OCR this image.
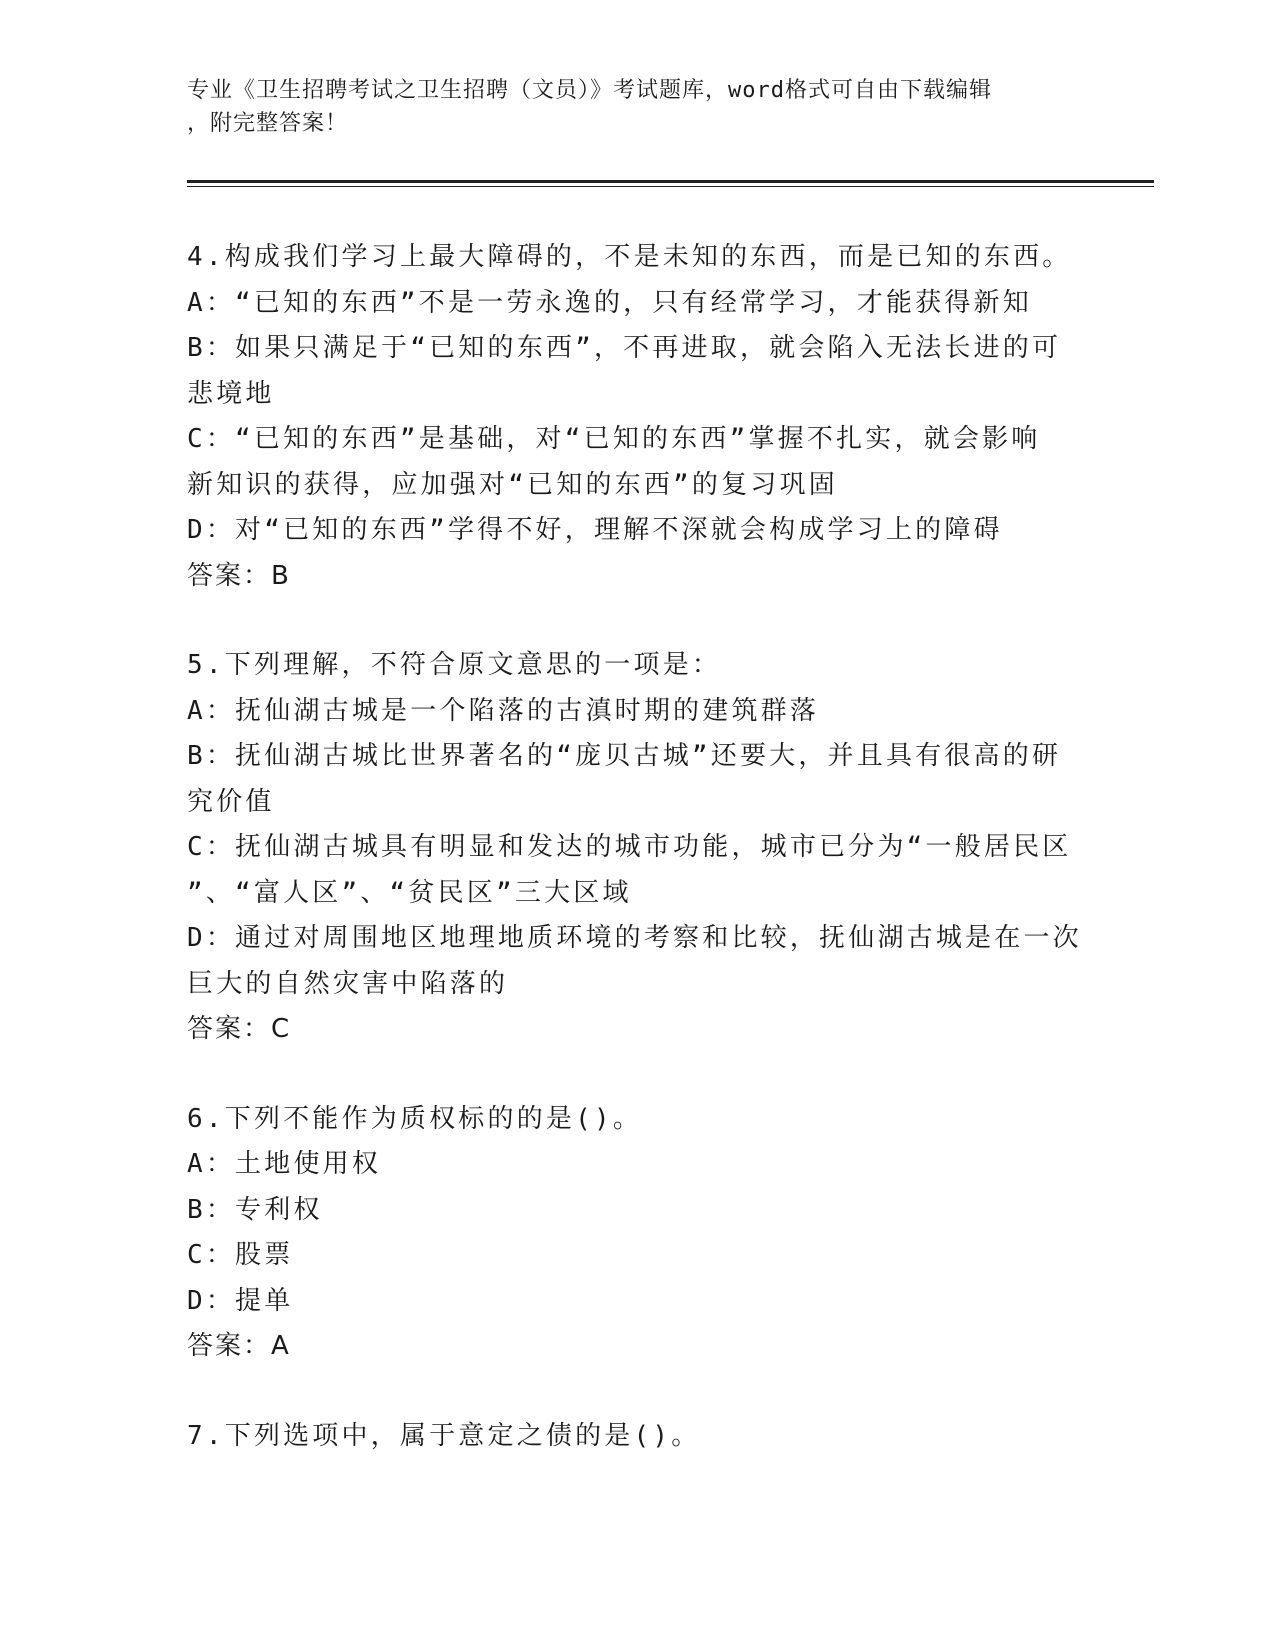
专业《卫生招聘考试之卫生招聘（文员）》考试题库，word格式可自由下载编辑
，附完整答案！
4.构成我们学习上最大障碍的，不是未知的东西，而是已知的东西。
A：“已知的东西”不是一劳永逸的，只有经常学习，才能获得新知
B：如果只满足于“已知的东西”，不再进取，就会陷入无法长进的可
悲境地
C：“已知的东西”是基础，对“已知的东西”掌握不扎实，就会影响
新知识的获得，应加强对“已知的东西”的复习巩固
D：对“已知的东西”学得不好，理解不深就会构成学习上的障碍
答案：B
5.下列理解，不符合原文意思的一项是：
A：抚仙湖古城是一个陷落的古滇时期的建筑群落
B：抚仙湖古城比世界著名的“庞贝古城”还要大，并且具有很高的研
究价值
C：抚仙湖古城具有明显和发达的城市功能，城市已分为“一般居民区
”、“富人区”、“贫民区”三大区域
D：通过对周围地区地理地质环境的考察和比较，抚仙湖古城是在一次
巨大的自然灾害中陷落的
答案：C
6.下列不能作为质权标的的是()。
A：土地使用权
B：专利权
C：股票
D：提单
答案：A
7.下列选项中，属于意定之债的是()。
